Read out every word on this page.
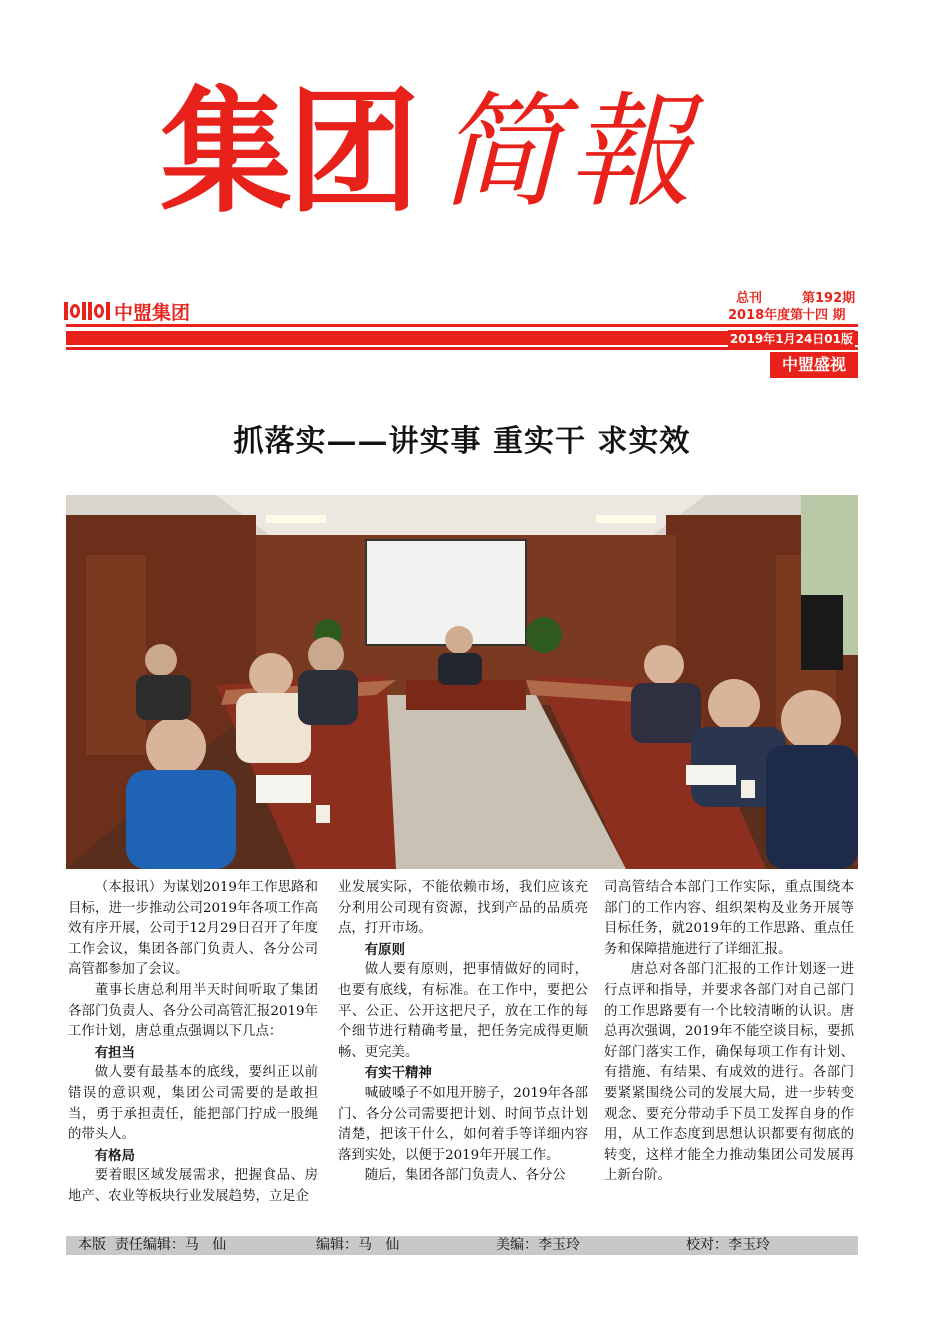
集团 简報
中盟集团
总刊	第192期
2018年度第
十四 期
2019年1月24日01版
中盟盛视
抓落实——讲实事 重实干 求实效

（本报讯）为谋划2019年工作思路和目标，进一步推动公司2019年各项工作高效有序开展，公司于12月29日召开了年度工作会议，集团各部门负责人、各分公司高管都参加了会议。

董事长唐总利用半天时间听取了集团各部门负责人、各分公司高管汇报2019年工作计划，唐总重点强调以下几点：

有担当

做人要有最基本的底线，要纠正以前错误的意识观，集团公司需要的是敢担当，勇于承担责任，能把部门拧成一股绳的带头人。

有格局

要着眼区域发展需求，把握食品、房地产、农业等板块行业发展趋势，立足企

业发展实际，不能依赖市场，我们应该充分利用公司现有资源，找到产品的品质亮点，打开市场。

有原则

做人要有原则，把事情做好的同时，也要有底线，有标准。在工作中，要把公平、公正、公开这把尺子，放在工作的每个细节进行精确考量，把任务完成得更顺畅、更完美。

有实干精神

喊破嗓子不如甩开膀子，2019年各部门、各分公司需要把计划、时间节点计划清楚，把该干什么，如何着手等详细内容落到实处，以便于2019年开展工作。

随后，集团各部门负责人、各分公

司高管结合本部门工作实际，重点围绕本部门的工作内容、组织架构及业务开展等目标任务，就2019年的工作思路、重点任务和保障措施进行了详细汇报。

唐总对各部门汇报的工作计划逐一进行点评和指导，并要求各部门对自己部门的工作思路要有一个比较清晰的认识。唐总再次强调，2019年不能空谈目标，要抓好部门落实工作，确保每项工作有计划、有措施、有结果、有成效的进行。各部门要紧紧围绕公司的发展大局，进一步转变观念、要充分带动手下员工发挥自身的作用，从工作态度到思想认识都要有彻底的转变，这样才能全力推动集团公司发展再上新台阶。

本版  责任编辑：马   仙	编辑：马   仙	美编：李玉玲	校对：李玉玲
